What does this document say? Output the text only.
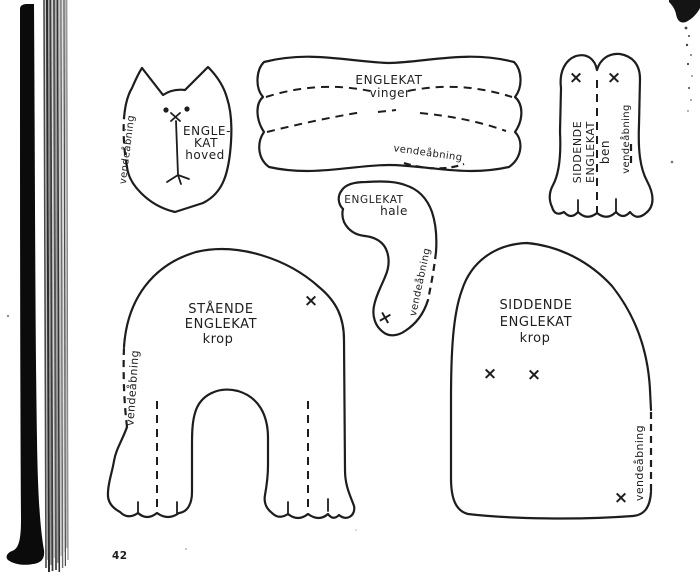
ENGLE-
KAT
hoved
vendeåbning
ENGLEKAT
vinger
vendeåbning
× ×
SIDDENDE ENGLEKAT ben vendeåbning
×
ENGLEKAT
hale
vendeåbning
×
STÅENDE
ENGLEKAT
krop
vendeåbning	× ×
×
SIDDENDE
ENGLEKAT
krop
vendeåbning
42
